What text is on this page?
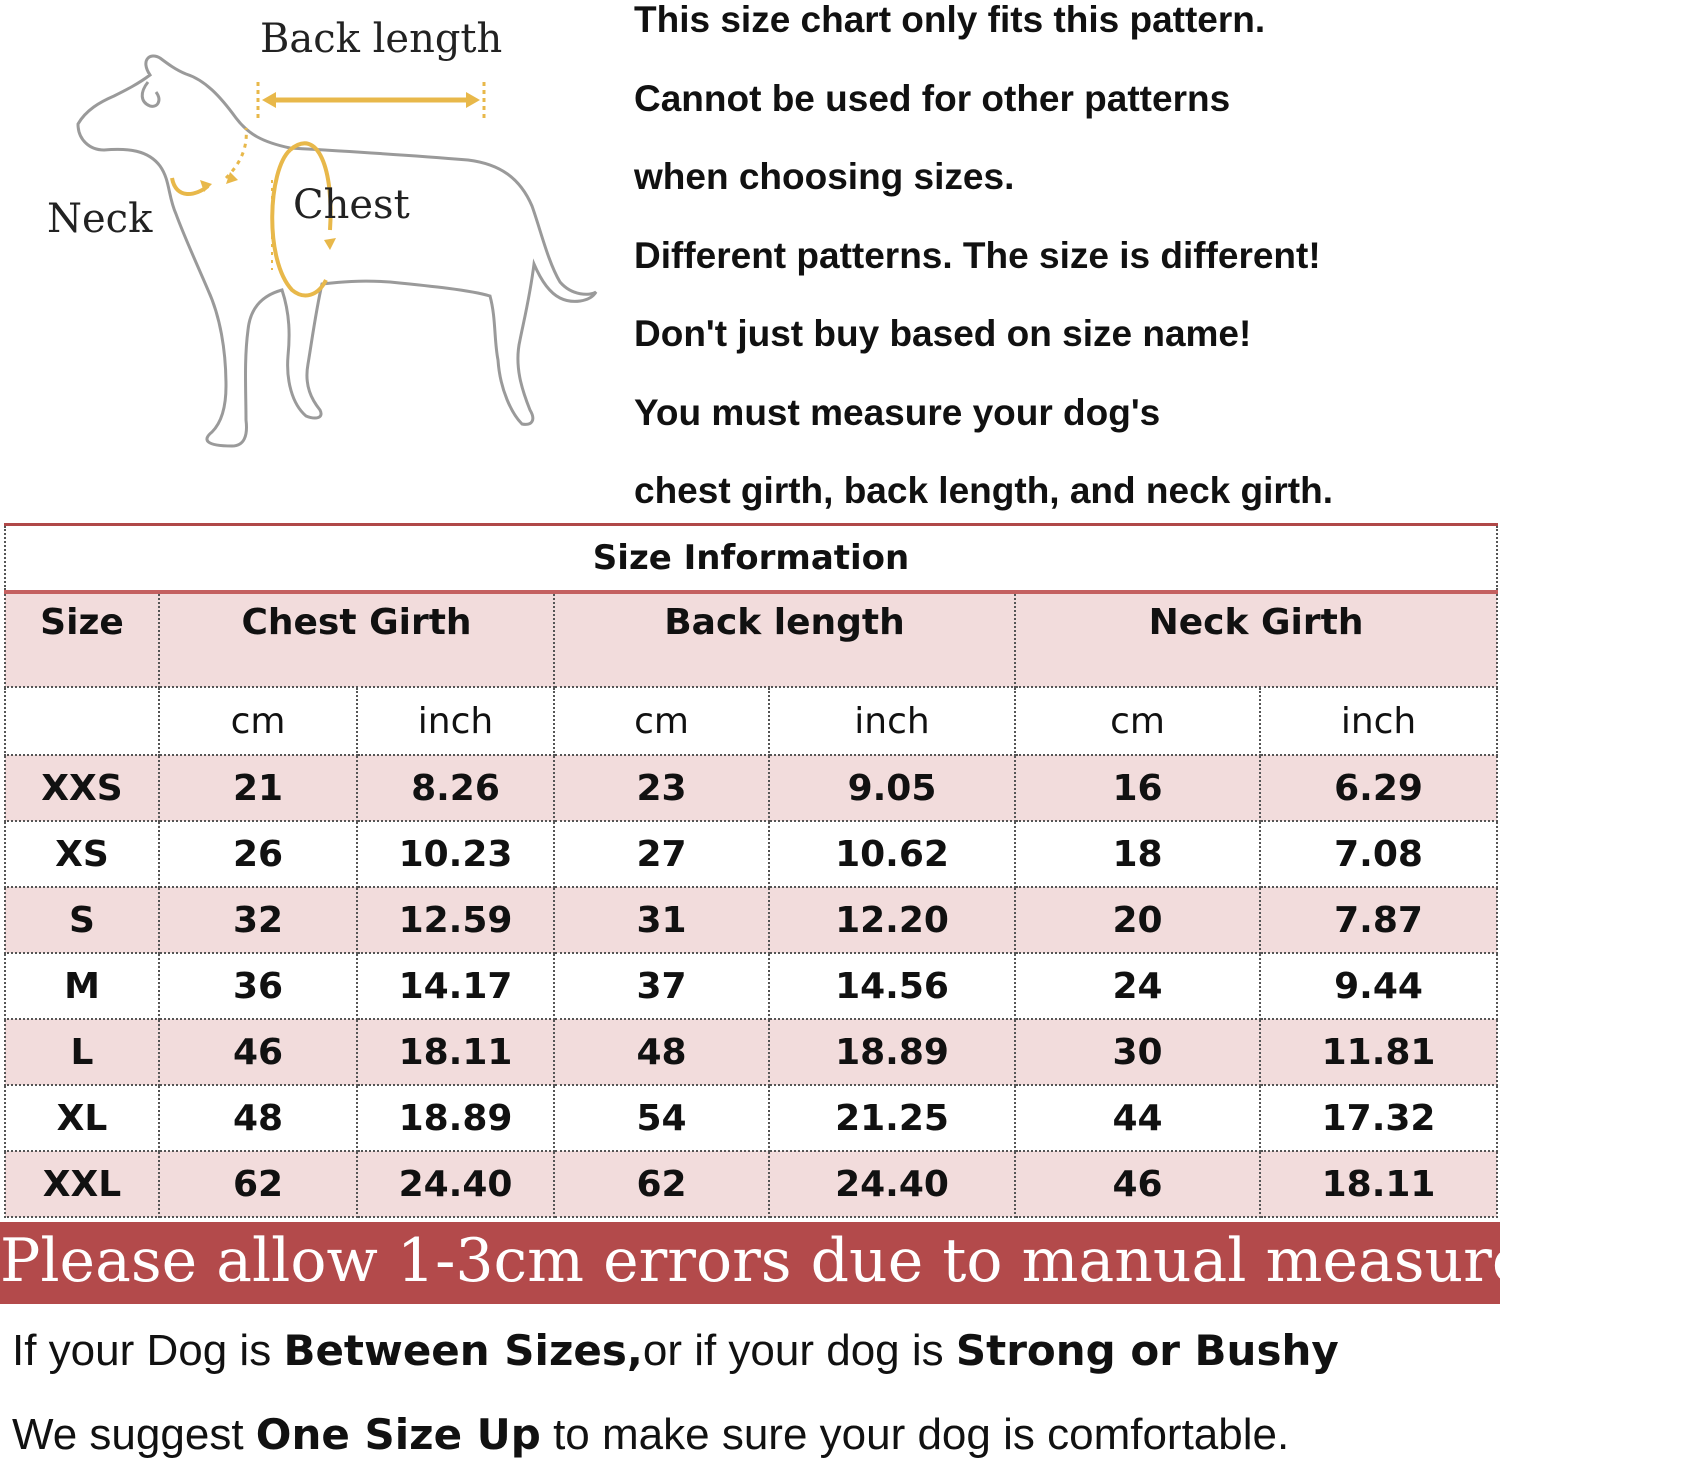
Back length
Neck	Chest
This size chart only fits this pattern.
Cannot be used for other patterns
when choosing sizes.
Different patterns. The size is different!
Don't just buy based on size name!
You must measure your dog's
chest girth, back length, and neck girth.
Size Information						
Size	Chest Girth		Back length		Neck Girth	
	cm	inch	cm	inch	cm	inch
XXS	21	8.26	23	9.05	16	6.29
XS	26	10.23	27	10.62	18	7.08
S	32	12.59	31	12.20	20	7.87
M	36	14.17	37	14.56	24	9.44
L	46	18.11	48	18.89	30	11.81
XL	48	18.89	54	21.25	44	17.32
XXL	62	24.40	62	24.40	46	18.11
Please allow 1-3cm errors due to manual measurement
If your Dog is Between Sizes,or if your dog is Strong or Bushy
We suggest One Size Up to make sure your dog is comfortable.
